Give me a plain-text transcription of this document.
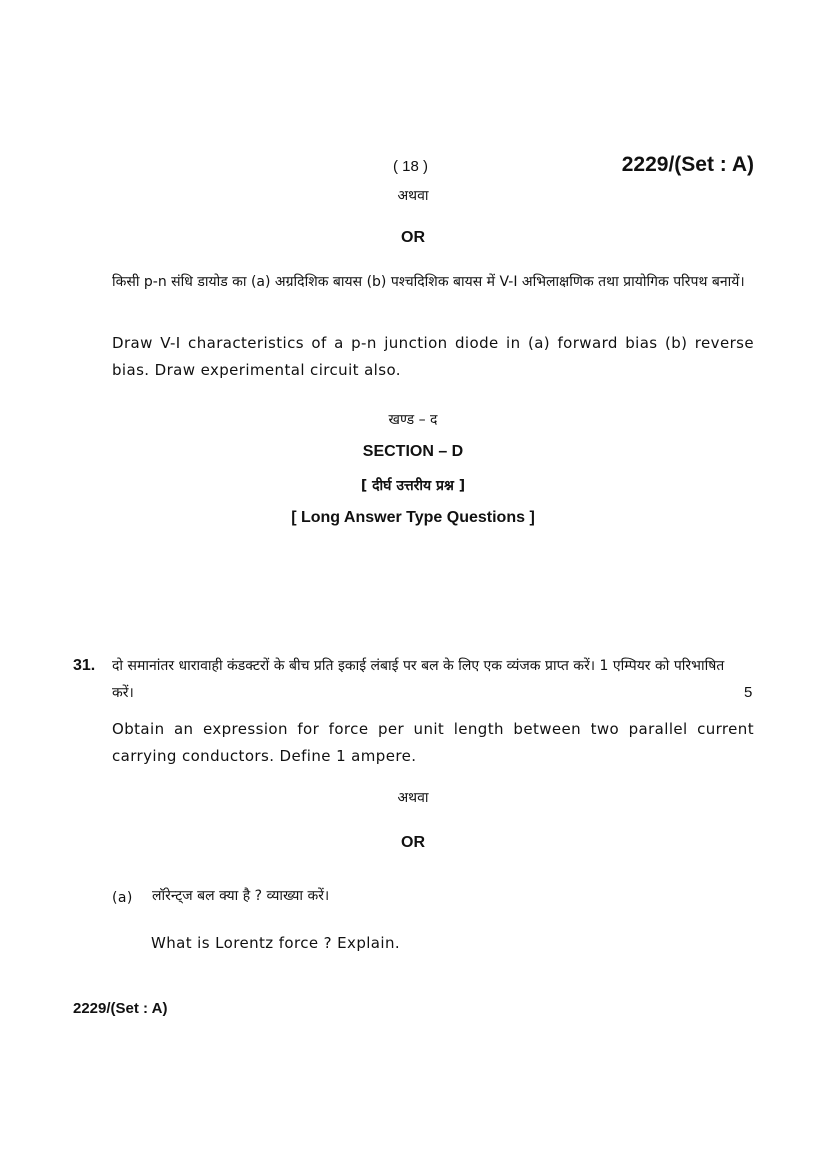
( 18 )	2229/(Set : A)
अथवा
OR
किसी p-n संधि डायोड का (a) अग्रदिशिक बायस (b) पश्चदिशिक बायस में V-I अभिलाक्षणिक तथा प्रायोगिक परिपथ बनायें।
Draw V-I characteristics of a p-n junction diode in (a) forward bias (b) reverse bias. Draw experimental circuit also.
खण्ड – द
SECTION – D
[ दीर्घ उत्तरीय प्रश्न ]
[ Long Answer Type Questions ]
31. दो समानांतर धारावाही कंडक्टरों के बीच प्रति इकाई लंबाई पर बल के लिए एक व्यंजक प्राप्त करें। 1 एम्पियर को परिभाषित करें।	5
Obtain an expression for force per unit length between two parallel current carrying conductors. Define 1 ampere.
अथवा
OR
(a) लॉरेन्ट्ज बल क्या है ? व्याख्या करें।
What is Lorentz force ? Explain.
2229/(Set : A)
